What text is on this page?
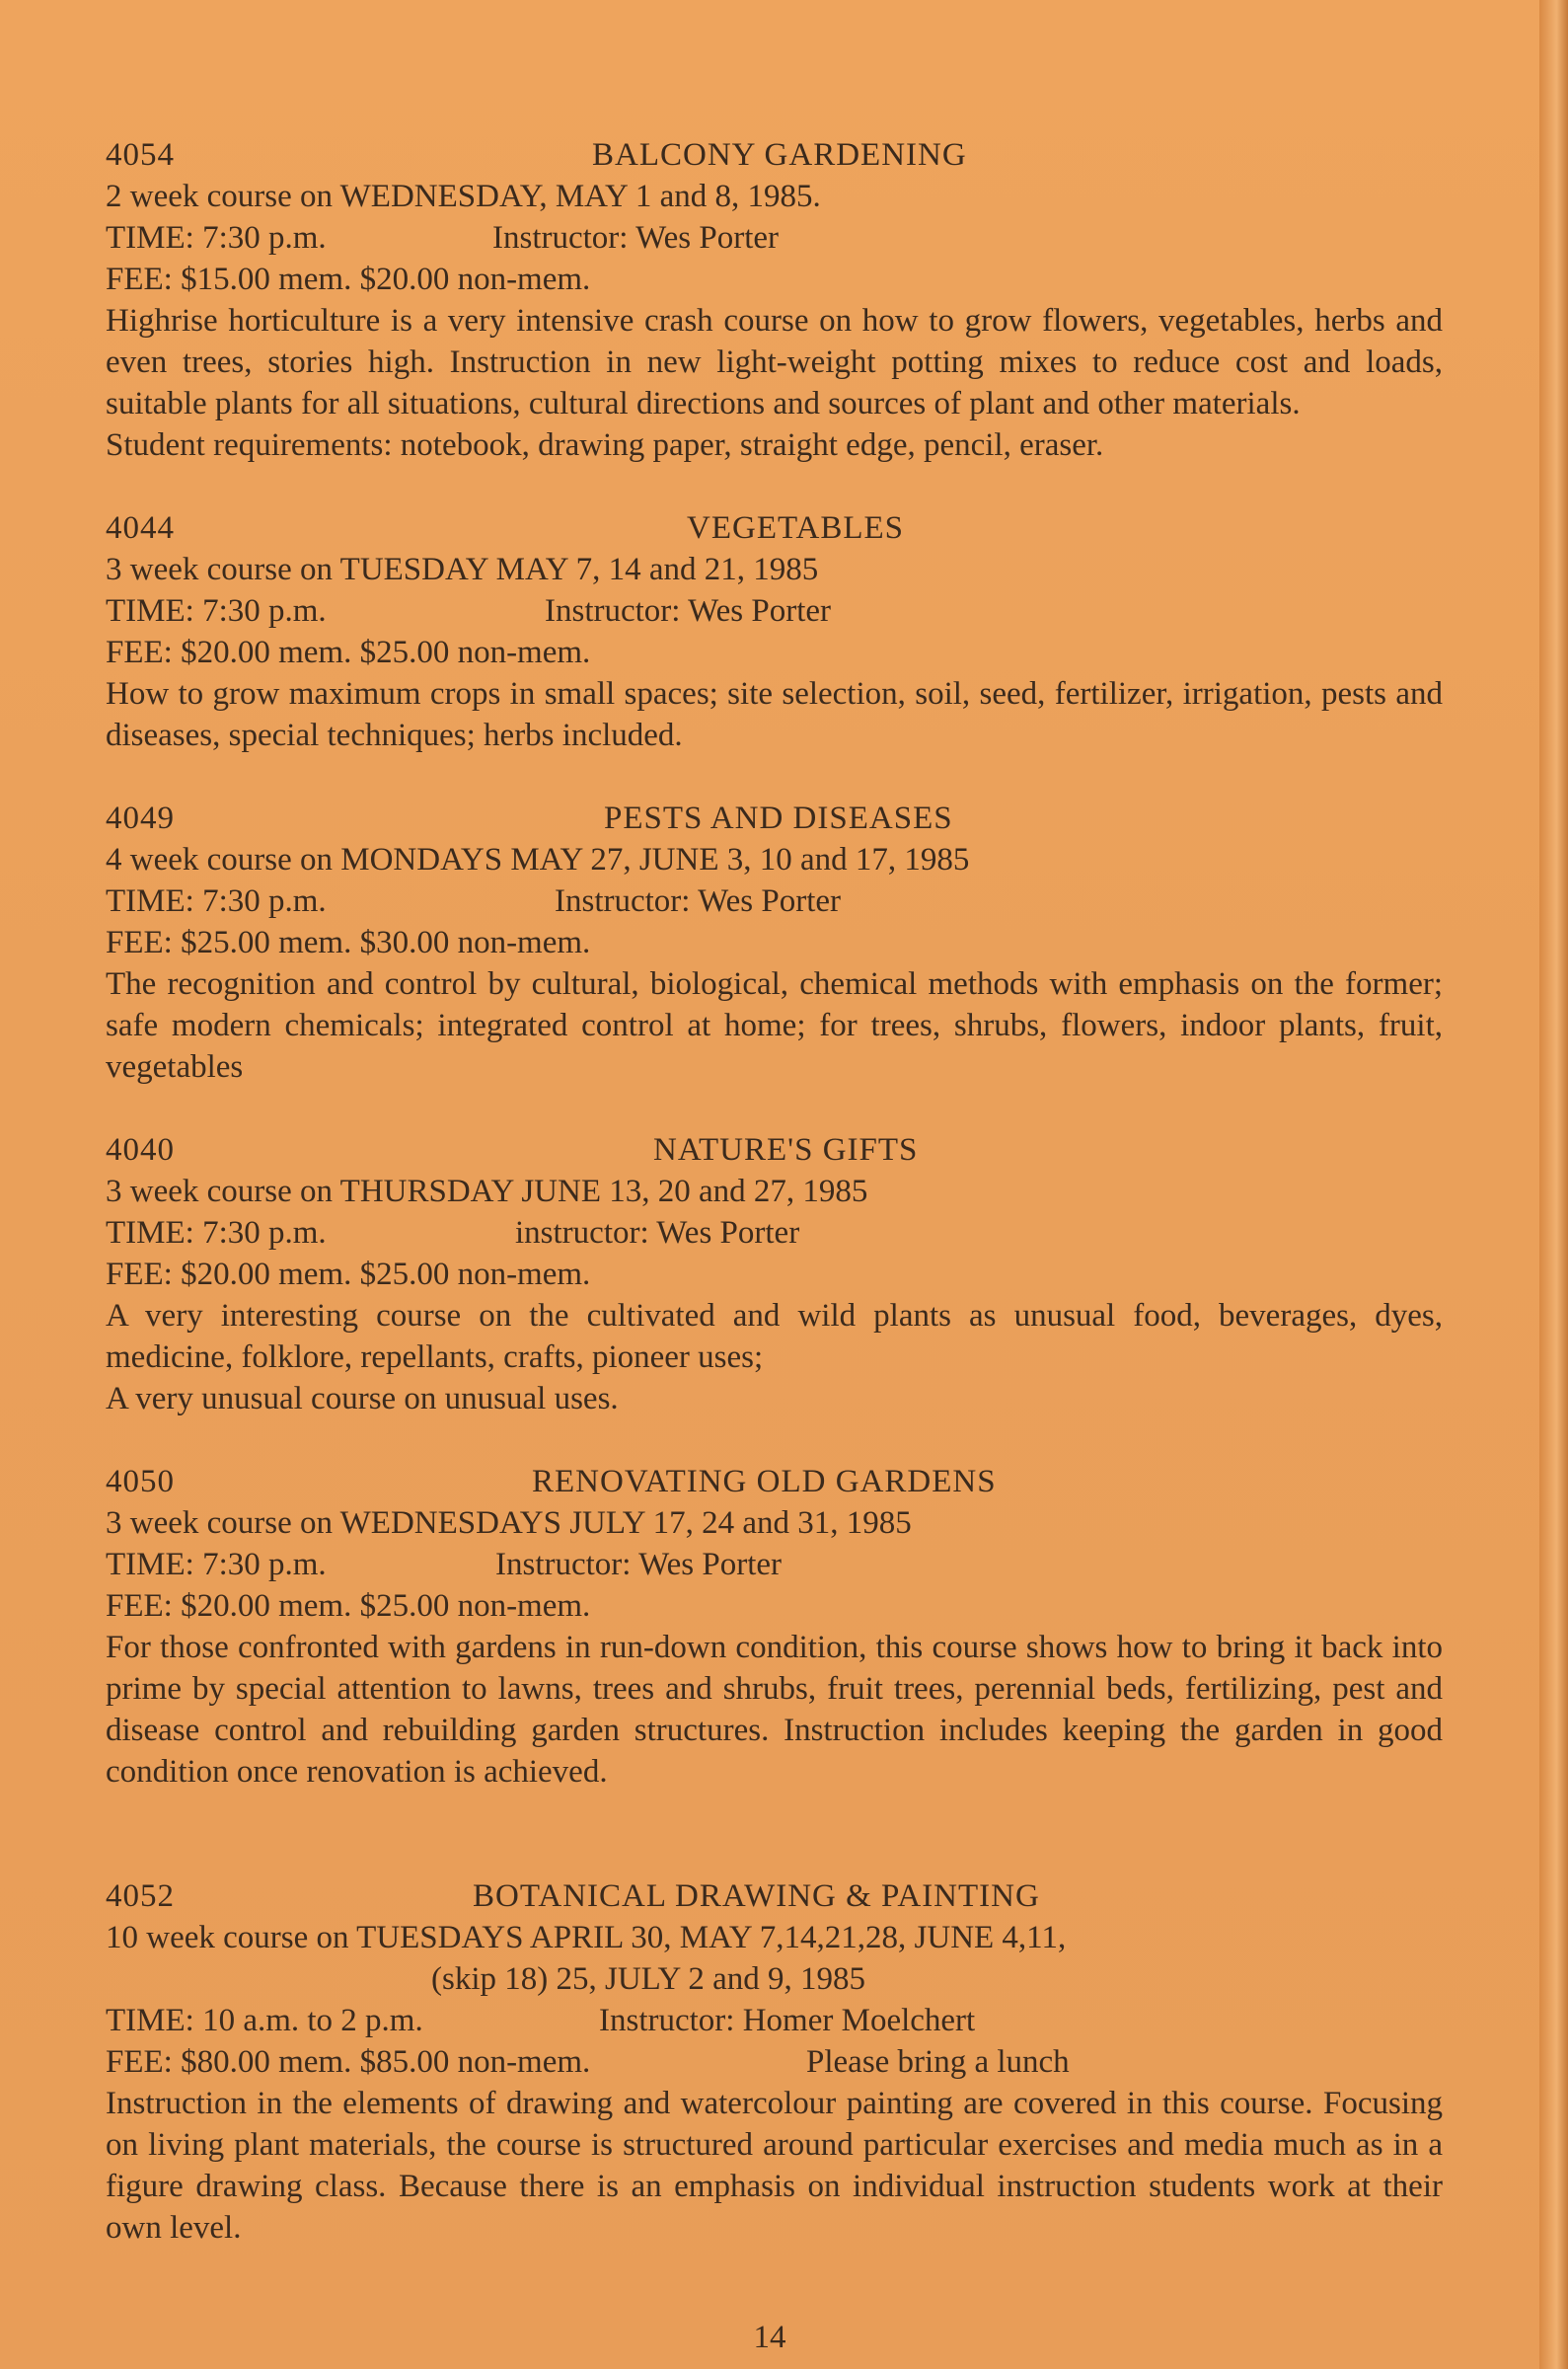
4054	BALCONY GARDENING
2 week course on WEDNESDAY, MAY 1 and 8, 1985.
TIME: 7:30 p.m.	Instructor: Wes Porter
FEE: $15.00 mem. $20.00 non-mem.
Highrise horticulture is a very intensive crash course on how to grow flowers, vegetables, herbs and even trees, stories high. Instruction in new light-weight potting mixes to reduce cost and loads, suitable plants for all situations, cultural directions and sources of plant and other materials.
Student requirements: notebook, drawing paper, straight edge, pencil, eraser.
4044	VEGETABLES
3 week course on TUESDAY MAY 7, 14 and 21, 1985
TIME: 7:30 p.m.	Instructor: Wes Porter
FEE: $20.00 mem. $25.00 non-mem.
How to grow maximum crops in small spaces; site selection, soil, seed, fertilizer, irrigation, pests and diseases, special techniques; herbs included.
4049	PESTS AND DISEASES
4 week course on MONDAYS MAY 27, JUNE 3, 10 and 17, 1985
TIME: 7:30 p.m.	Instructor: Wes Porter
FEE: $25.00 mem. $30.00 non-mem.
The recognition and control by cultural, biological, chemical methods with emphasis on the former; safe modern chemicals; integrated control at home; for trees, shrubs, flowers, indoor plants, fruit, vegetables
4040	NATURE'S GIFTS
3 week course on THURSDAY JUNE 13, 20 and 27, 1985
TIME: 7:30 p.m.	instructor: Wes Porter
FEE: $20.00 mem. $25.00 non-mem.
A very interesting course on the cultivated and wild plants as unusual food, beverages, dyes, medicine, folklore, repellants, crafts, pioneer uses;
A very unusual course on unusual uses.
4050	RENOVATING OLD GARDENS
3 week course on WEDNESDAYS JULY 17, 24 and 31, 1985
TIME: 7:30 p.m.	Instructor: Wes Porter
FEE: $20.00 mem. $25.00 non-mem.
For those confronted with gardens in run-down condition, this course shows how to bring it back into prime by special attention to lawns, trees and shrubs, fruit trees, perennial beds, fertilizing, pest and disease control and rebuilding garden structures. Instruction includes keeping the garden in good condition once renovation is achieved.
4052	BOTANICAL DRAWING & PAINTING
10 week course on TUESDAYS APRIL 30, MAY 7,14,21,28, JUNE 4,11,
(skip 18) 25, JULY 2 and 9, 1985
TIME: 10 a.m. to 2 p.m.	Instructor: Homer Moelchert
FEE: $80.00 mem. $85.00 non-mem.	Please bring a lunch
Instruction in the elements of drawing and watercolour painting are covered in this course. Focusing on living plant materials, the course is structured around particular exercises and media much as in a figure drawing class. Because there is an emphasis on individual instruction students work at their own level.
14
